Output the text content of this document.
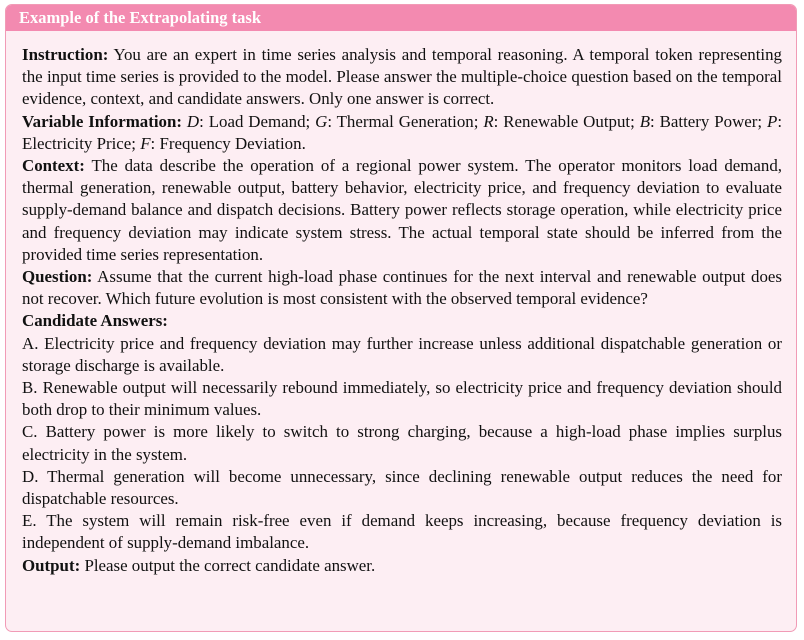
Example of the Extrapolating task

Instruction: You are an expert in time series analysis and temporal reasoning. A temporal token representing the input time series is provided to the model. Please answer the multiple-choice question based on the temporal evidence, context, and candidate answers. Only one answer is correct.

Variable Information: D: Load Demand; G: Thermal Generation; R: Renewable Output; B: Battery Power; P: Electricity Price; F: Frequency Deviation.

Context: The data describe the operation of a regional power system. The operator monitors load demand, thermal generation, renewable output, battery behavior, electricity price, and frequency deviation to evaluate supply-demand balance and dispatch decisions. Battery power reflects storage operation, while electricity price and frequency deviation may indicate system stress. The actual temporal state should be inferred from the provided time series representation.

Question: Assume that the current high-load phase continues for the next interval and renewable output does not recover. Which future evolution is most consistent with the observed temporal evidence?

Candidate Answers:

A. Electricity price and frequency deviation may further increase unless additional dispatchable generation or storage discharge is available.

B. Renewable output will necessarily rebound immediately, so electricity price and frequency deviation should both drop to their minimum values.

C. Battery power is more likely to switch to strong charging, because a high-load phase implies surplus electricity in the system.

D. Thermal generation will become unnecessary, since declining renewable output reduces the need for dispatchable resources.

E. The system will remain risk-free even if demand keeps increasing, because frequency deviation is independent of supply-demand imbalance.

Output: Please output the correct candidate answer.
